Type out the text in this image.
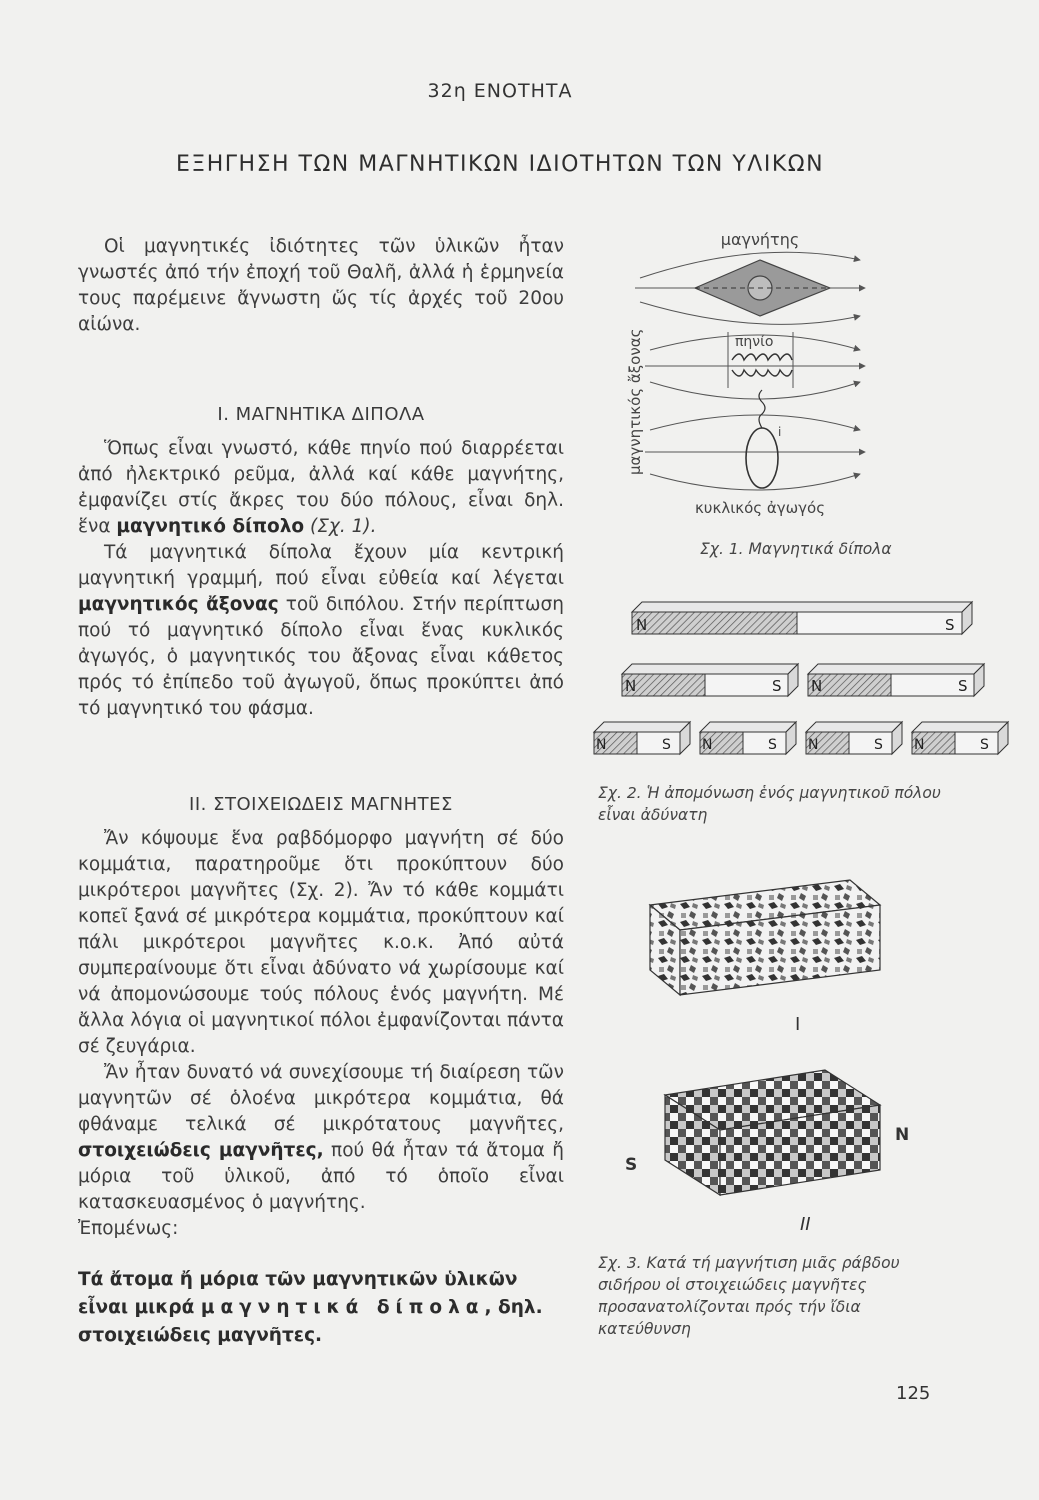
32η ΕΝΟΤΗΤΑ
ΕΞΗΓΗΣΗ ΤΩΝ ΜΑΓΝΗΤΙΚΩΝ ΙΔΙΟΤΗΤΩΝ ΤΩΝ ΥΛΙΚΩΝ

Οἱ μαγνητικές ἰδιότητες τῶν ὑλικῶν ἦταν γνωστές ἀπό τήν ἐποχή τοῦ Θαλῆ, ἀλλά ἡ ἑρμηνεία τους παρέμεινε ἄγνωστη ὥς τίς ἀρχές τοῦ 20ου αἰώνα.

Ι. ΜΑΓΝΗΤΙΚΑ ΔΙΠΟΛΑ

Ὅπως εἶναι γνωστό, κάθε πηνίο πού διαρρέεται ἀπό ἠλεκτρικό ρεῦμα, ἀλλά καί κάθε μαγνήτης, ἐμφανίζει στίς ἄκρες του δύο πόλους, εἶναι δηλ. ἕνα μαγνητικό δίπολο (Σχ. 1).

Τά μαγνητικά δίπολα ἔχουν μία κεντρική μαγνητική γραμμή, πού εἶναι εὐθεία καί λέγεται μαγνητικός ἄξονας τοῦ διπόλου. Στήν περίπτωση πού τό μαγνητικό δίπολο εἶναι ἕνας κυκλικός ἀγωγός, ὁ μαγνητικός του ἄξονας εἶναι κάθετος πρός τό ἐπίπεδο τοῦ ἀγωγοῦ, ὅπως προκύπτει ἀπό τό μαγνητικό του φάσμα.

ΙΙ. ΣΤΟΙΧΕΙΩΔΕΙΣ ΜΑΓΝΗΤΕΣ

Ἄν κόψουμε ἕνα ραβδόμορφο μαγνήτη σέ δύο κομμάτια, παρατηροῦμε ὅτι προκύπτουν δύο μικρότεροι μαγνῆτες (Σχ. 2). Ἄν τό κάθε κομμάτι κοπεῖ ξανά σέ μικρότερα κομμάτια, προκύπτουν καί πάλι μικρότεροι μαγνῆτες κ.ο.κ. Ἀπό αὐτά συμπεραίνουμε ὅτι εἶναι ἀδύνατο νά χωρίσουμε καί νά ἀπομονώσουμε τούς πόλους ἑνός μαγνήτη. Μέ ἄλλα λόγια οἱ μαγνητικοί πόλοι ἐμφανίζονται πάντα σέ ζευγάρια.

Ἄν ἦταν δυνατό νά συνεχίσουμε τή διαίρεση τῶν μαγνητῶν σέ ὁλοένα μικρότερα κομμάτια, θά φθάναμε τελικά σέ μικρότατους μαγνῆτες, στοιχειώδεις μαγνῆτες, πού θά ἦταν τά ἄτομα ἤ μόρια τοῦ ὑλικοῦ, ἀπό τό ὁποῖο εἶναι κατασκευασμένος ὁ μαγνήτης.

Ἐπομένως:

Τά ἄτομα ἤ μόρια τῶν μαγνητικῶν ὑλικῶν εἶναι μικρά μαγνητικά δίπολα, δηλ. στοιχειώδεις μαγνῆτες.
μαγνήτης
πηνίο
i
μαγνητικός ἄξονας
κυκλικός ἀγωγός
Σχ. 1. Μαγνητικά δίπολα
N	S
N	S N	S
N	S N	S N	S N	S
Σχ. 2. Ἡ ἀπομόνωση ἑνός μαγνητικοῦ πόλου εἶναι ἀδύνατη
I
S
N
II
Σχ. 3. Κατά τή μαγνήτιση μιᾶς ράβδου σιδήρου οἱ στοιχειώδεις μαγνῆτες προσανατολίζονται πρός τήν ἴδια κατεύθυνση
125
